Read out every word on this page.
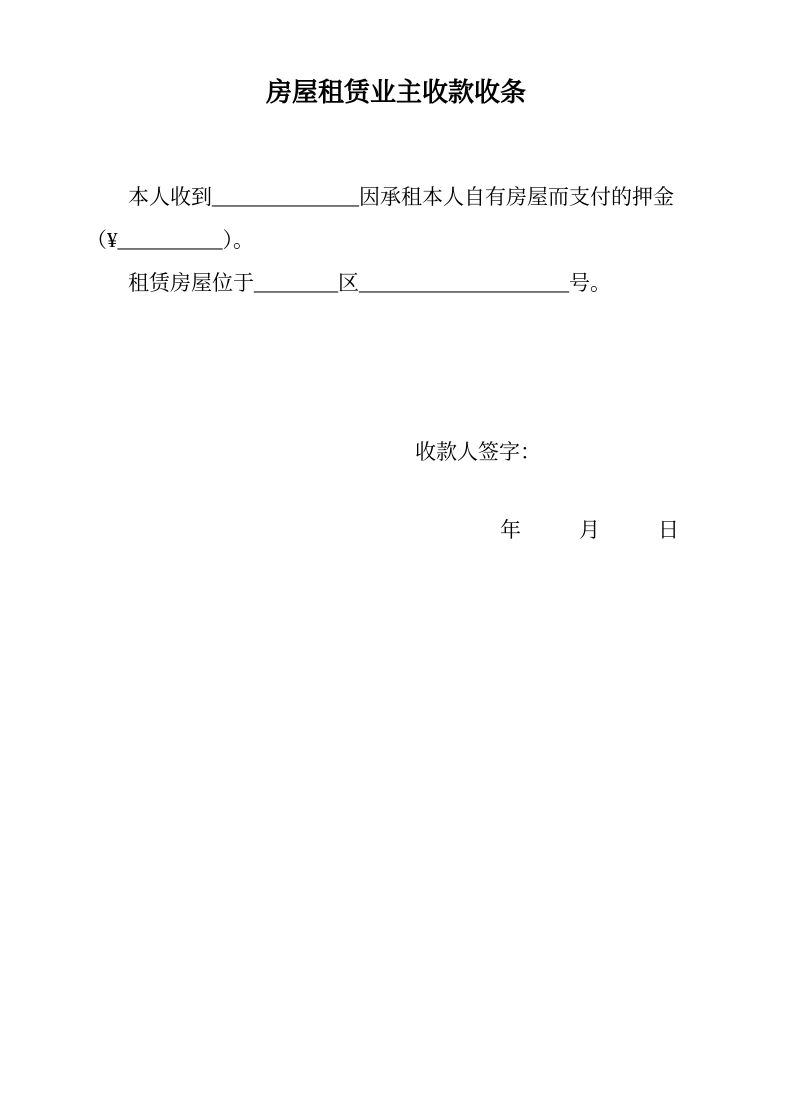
房屋租赁业主收款收条
本人收到______________因承租本人自有房屋而支付的押金
（¥__________）。
租赁房屋位于________区____________________号。
收款人签字：
年	月	日
